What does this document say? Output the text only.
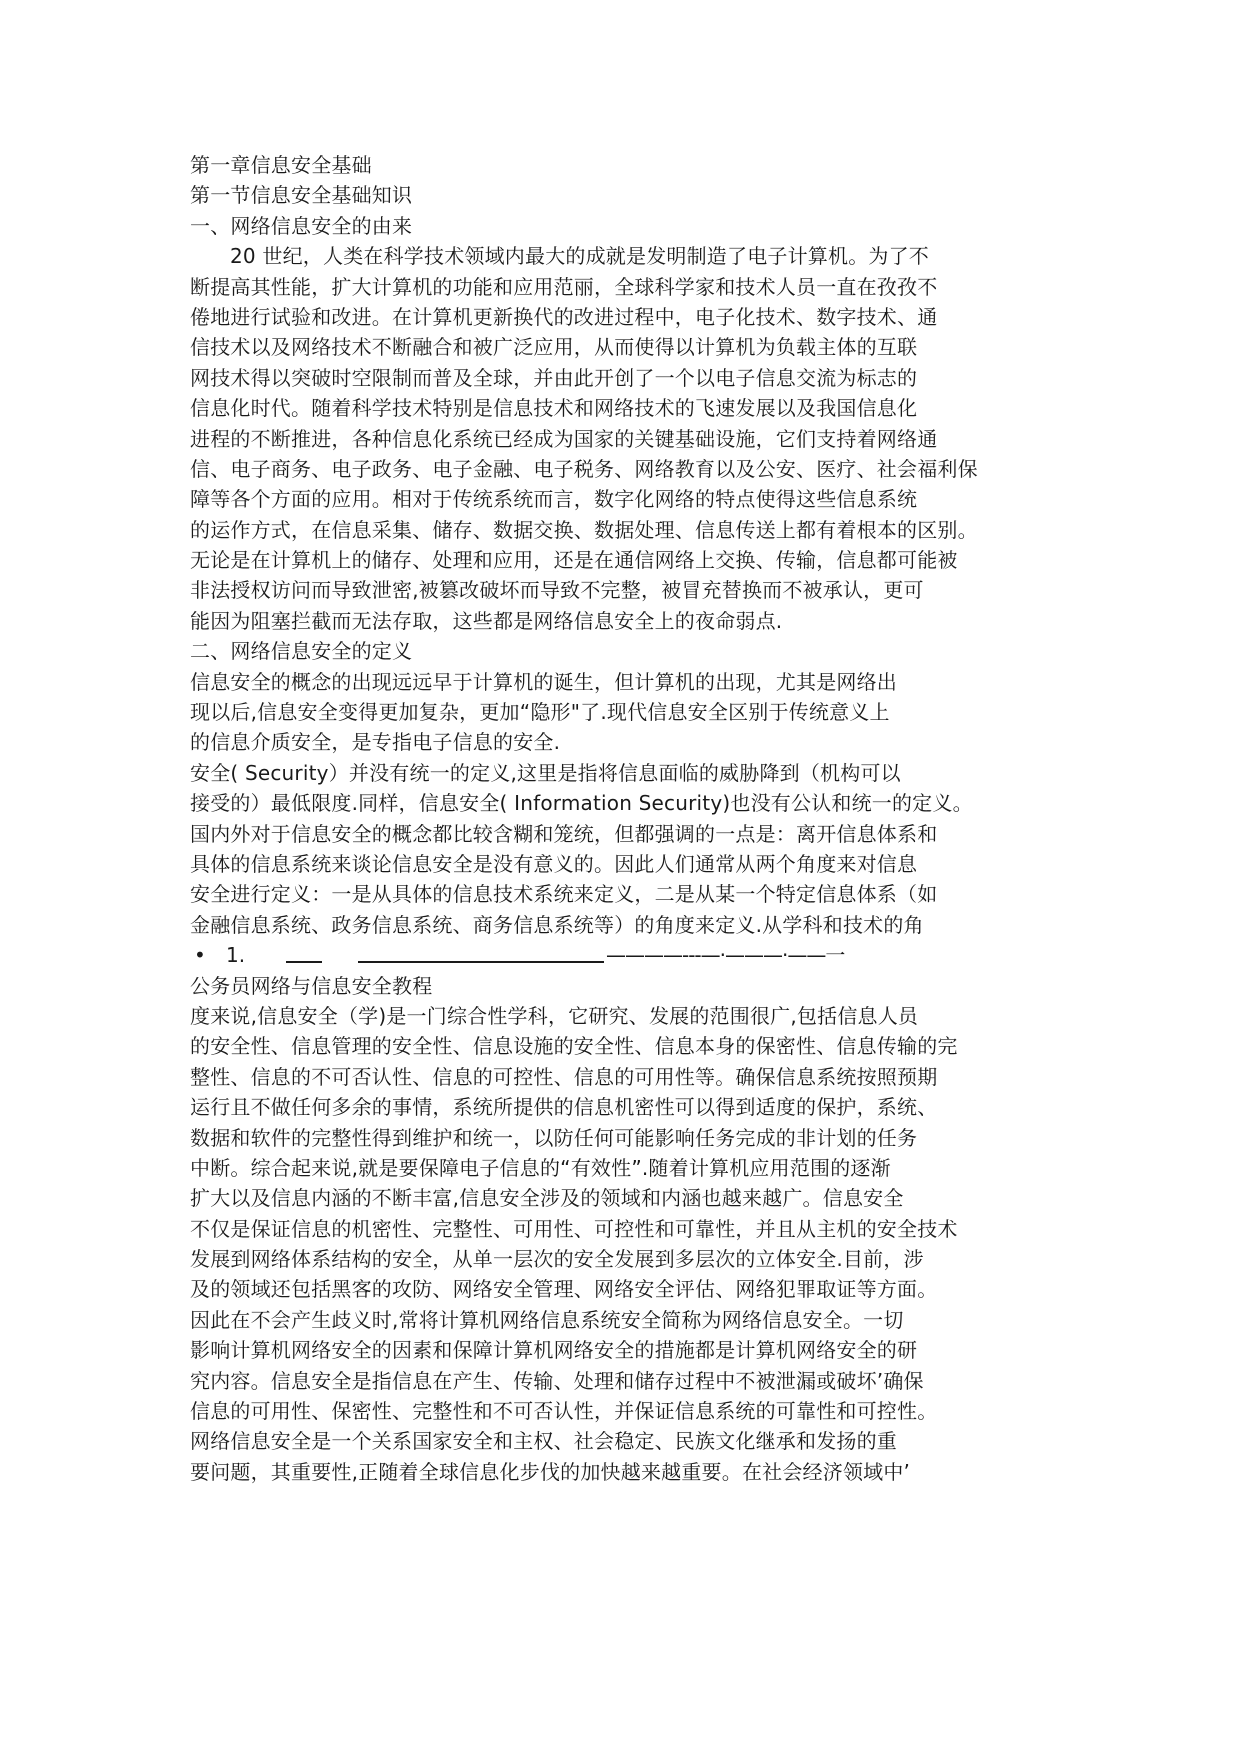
第一章信息安全基础
第一节信息安全基础知识
一、网络信息安全的由来
20 世纪，人类在科学技术领域内最大的成就是发明制造了电子计算机。为了不
断提高其性能，扩大计算机的功能和应用范丽，全球科学家和技术人员一直在孜孜不
倦地进行试验和改进。在计算机更新换代的改进过程中，电子化技术、数字技术、通
信技术以及网络技术不断融合和被广泛应用，从而使得以计算机为负载主体的互联
网技术得以突破时空限制而普及全球，并由此开创了一个以电子信息交流为标志的
信息化时代。随着科学技术特别是信息技术和网络技术的飞速发展以及我国信息化
进程的不断推进，各种信息化系统已经成为国家的关键基础设施，它们支持着网络通
信、电子商务、电子政务、电子金融、电子税务、网络教育以及公安、医疗、社会福利保
障等各个方面的应用。相对于传统系统而言，数字化网络的特点使得这些信息系统
的运作方式，在信息采集、储存、数据交换、数据处理、信息传送上都有着根本的区别。
无论是在计算机上的储存、处理和应用，还是在通信网络上交换、传输，信息都可能被
非法授权访问而导致泄密,被篡改破坏而导致不完整，被冒充替换而不被承认，更可
能因为阻塞拦截而无法存取，这些都是网络信息安全上的夜命弱点.
二、网络信息安全的定义
信息安全的概念的出现远远早于计算机的诞生，但计算机的出现，尤其是网络出
现以后,信息安全变得更加复杂，更加“隐形"了.现代信息安全区别于传统意义上
的信息介质安全，是专指电子信息的安全.
安全( Security）并没有统一的定义,这里是指将信息面临的威胁降到（机构可以
接受的）最低限度.同样，信息安全( Information Security)也没有公认和统一的定义。
国内外对于信息安全的概念都比较含糊和笼统，但都强调的一点是：离开信息体系和
具体的信息系统来谈论信息安全是没有意义的。因此人们通常从两个角度来对信息
安全进行定义：一是从具体的信息技术系统来定义，二是从某一个特定信息体系（如
金融信息系统、政务信息系统、商务信息系统等）的角度来定义.从学科和技术的角
•	1.	————---—·———·——一
公务员网络与信息安全教程
度来说,信息安全（学)是一门综合性学科，它研究、发展的范围很广,包括信息人员
的安全性、信息管理的安全性、信息设施的安全性、信息本身的保密性、信息传输的完
整性、信息的不可否认性、信息的可控性、信息的可用性等。确保信息系统按照预期
运行且不做任何多余的事情，系统所提供的信息机密性可以得到适度的保护，系统、
数据和软件的完整性得到维护和统一，以防任何可能影响任务完成的非计划的任务
中断。综合起来说,就是要保障电子信息的“有效性”.随着计算机应用范围的逐渐
扩大以及信息内涵的不断丰富,信息安全涉及的领域和内涵也越来越广。信息安全
不仅是保证信息的机密性、完整性、可用性、可控性和可靠性，并且从主机的安全技术
发展到网络体系结构的安全，从单一层次的安全发展到多层次的立体安全.目前，涉
及的领域还包括黑客的攻防、网络安全管理、网络安全评估、网络犯罪取证等方面。
因此在不会产生歧义时,常将计算机网络信息系统安全简称为网络信息安全。一切
影响计算机网络安全的因素和保障计算机网络安全的措施都是计算机网络安全的研
究内容。信息安全是指信息在产生、传输、处理和储存过程中不被泄漏或破坏’确保
信息的可用性、保密性、完整性和不可否认性，并保证信息系统的可靠性和可控性。
网络信息安全是一个关系国家安全和主权、社会稳定、民族文化继承和发扬的重
要问题，其重要性,正随着全球信息化步伐的加快越来越重要。在社会经济领域中’
